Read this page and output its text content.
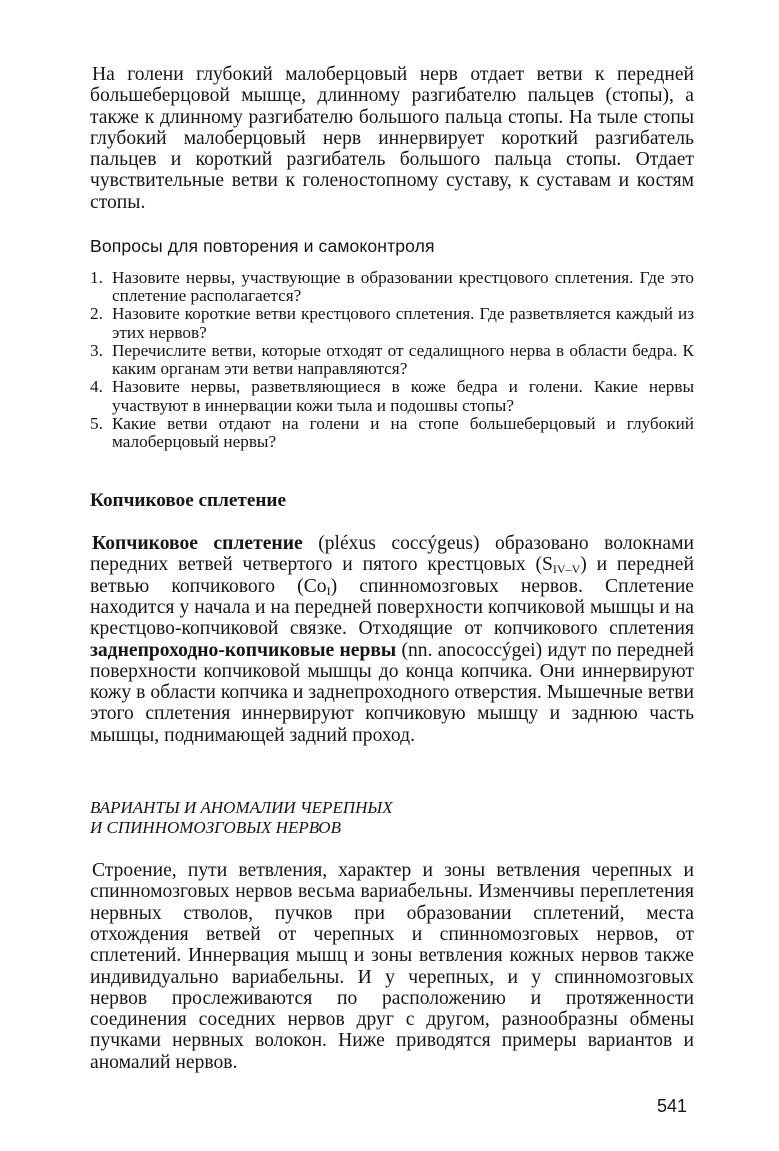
На голени глубокий малоберцовый нерв отдает ветви к передней большеберцовой мышце, длинному разгибателю пальцев (стопы), а также к длинному разгибателю большого пальца стопы. На тыле стопы глубокий малоберцовый нерв иннервирует короткий разгибатель пальцев и короткий разгибатель большого пальца стопы. Отдает чувствительные ветви к голеностопному суставу, к суставам и костям стопы.

Вопросы для повторения и самоконтроля
1. Назовите нервы, участвующие в образовании крестцового сплетения. Где это сплетение располагается?
2. Назовите короткие ветви крестцового сплетения. Где разветвляется каждый из этих нервов?
3. Перечислите ветви, которые отходят от седалищного нерва в области бедра. К каким органам эти ветви направляются?
4. Назовите нервы, разветвляющиеся в коже бедра и голени. Какие нервы участвуют в иннервации кожи тыла и подошвы стопы?
5. Какие ветви отдают на голени и на стопе большеберцовый и глубокий малоберцовый нервы?
Копчиковое сплетение

Копчиковое сплетение (pléxus coccýgeus) образовано волокнами передних ветвей четвертого и пятого крестцовых $(S_{IV-V})$ и передней ветвью копчикового $(Co_I)$ спинномозговых нервов. Сплетение находится у начала и на передней поверхности копчиковой мышцы и на крестцово-копчиковой связке. Отходящие от копчикового сплетения заднепроходно-копчиковые нервы (nn. anococcýgei) идут по передней поверхности копчиковой мышцы до конца копчика. Они иннервируют кожу в области копчика и заднепроходного отверстия. Мышечные ветви этого сплетения иннервируют копчиковую мышцу и заднюю часть мышцы, поднимающей задний проход.

ВАРИАНТЫ И АНОМАЛИИ ЧЕРЕПНЫХ
И СПИННОМОЗГОВЫХ НЕРВОВ

Строение, пути ветвления, характер и зоны ветвления черепных и спинномозговых нервов весьма вариабельны. Изменчивы переплетения нервных стволов, пучков при образовании сплетений, места отхождения ветвей от черепных и спинномозговых нервов, от сплетений. Иннервация мышц и зоны ветвления кожных нервов также индивидуально вариабельны. И у черепных, и у спинномозговых нервов прослеживаются по расположению и протяженности соединения соседних нервов друг с другом, разнообразны обмены пучками нервных волокон. Ниже приводятся примеры вариантов и аномалий нервов.

541
